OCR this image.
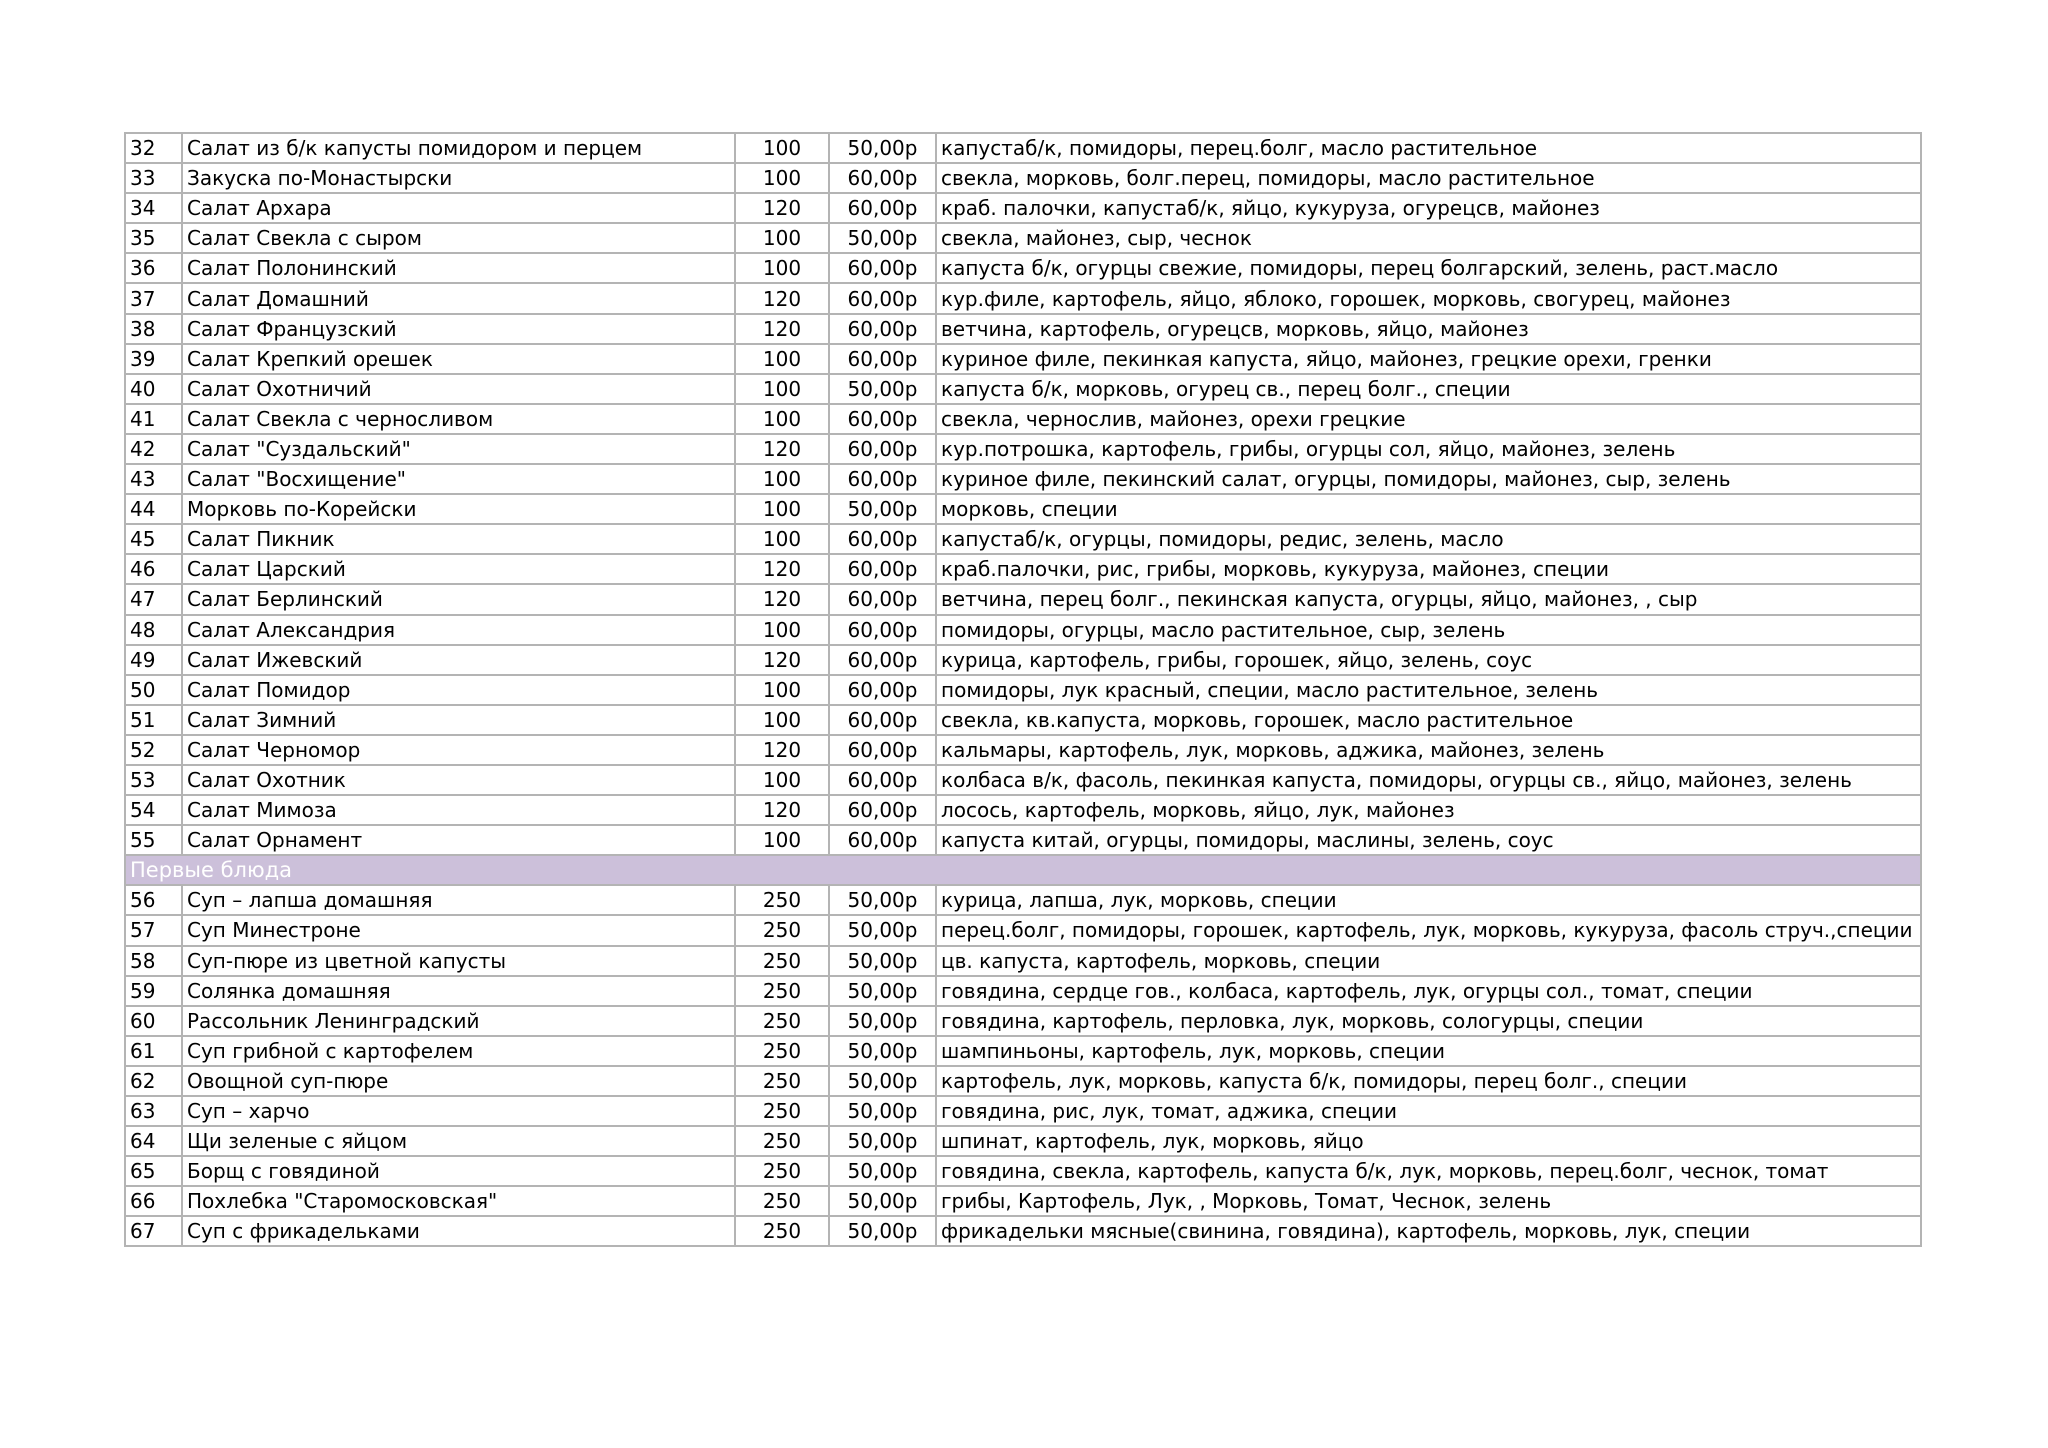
32	Салат из б/к капусты помидором и перцем	100	50,00р	капустаб/к, помидоры, перец.болг, масло растительное
33	Закуска по-Монастырски	100	60,00р	свекла, морковь, болг.перец, помидоры, масло растительное
34	Салат Архара	120	60,00р	краб. палочки, капустаб/к, яйцо, кукуруза, огурецсв, майонез
35	Салат Свекла с сыром	100	50,00р	свекла, майонез, сыр, чеснок
36	Салат Полонинский	100	60,00р	капуста б/к, огурцы свежие, помидоры, перец болгарский, зелень, раст.масло
37	Салат Домашний	120	60,00р	кур.филе, картофель, яйцо, яблоко, горошек, морковь, свогурец, майонез
38	Салат Французский	120	60,00р	ветчина, картофель, огурецсв, морковь, яйцо, майонез
39	Салат Крепкий орешек	100	60,00р	куриное филе, пекинкая капуста, яйцо, майонез, грецкие орехи, гренки
40	Салат Охотничий	100	50,00р	капуста б/к, морковь, огурец св., перец болг., специи
41	Салат Свекла с черносливом	100	60,00р	свекла, чернослив, майонез, орехи грецкие
42	Салат "Суздальский"	120	60,00р	кур.потрошка, картофель, грибы, огурцы сол, яйцо, майонез, зелень
43	Салат "Восхищение"	100	60,00р	куриное филе, пекинский салат, огурцы, помидоры, майонез, сыр, зелень
44	Морковь по-Корейски	100	50,00р	морковь, специи
45	Салат Пикник	100	60,00р	капустаб/к, огурцы, помидоры, редис, зелень, масло
46	Салат Царский	120	60,00р	краб.палочки, рис, грибы, морковь, кукуруза, майонез, специи
47	Салат Берлинский	120	60,00р	ветчина, перец болг., пекинская капуста, огурцы, яйцо, майонез, , сыр
48	Салат Александрия	100	60,00р	помидоры, огурцы, масло растительное, сыр, зелень
49	Салат Ижевский	120	60,00р	курица, картофель, грибы, горошек, яйцо, зелень, соус
50	Салат Помидор	100	60,00р	помидоры, лук красный, специи, масло растительное, зелень
51	Салат Зимний	100	60,00р	свекла, кв.капуста, морковь, горошек, масло растительное
52	Салат Черномор	120	60,00р	кальмары, картофель, лук, морковь, аджика, майонез, зелень
53	Салат Охотник	100	60,00р	колбаса в/к, фасоль, пекинкая капуста, помидоры, огурцы св., яйцо, майонез, зелень
54	Салат Мимоза	120	60,00р	лосось, картофель, морковь, яйцо, лук, майонез
55	Салат Орнамент	100	60,00р	капуста китай, огурцы, помидоры, маслины, зелень, соус
Первые блюда				
56	Суп – лапша домашняя	250	50,00р	курица, лапша, лук, морковь, специи
57	Суп Минестроне	250	50,00р	перец.болг, помидоры, горошек, картофель, лук, морковь, кукуруза, фасоль струч.,специи
58	Суп-пюре из цветной капусты	250	50,00р	цв. капуста, картофель, морковь, специи
59	Солянка домашняя	250	50,00р	говядина, сердце гов., колбаса, картофель, лук, огурцы сол., томат, специи
60	Рассольник Ленинградский	250	50,00р	говядина, картофель, перловка, лук, морковь, сологурцы, специи
61	Суп грибной с картофелем	250	50,00р	шампиньоны, картофель, лук, морковь, специи
62	Овощной суп-пюре	250	50,00р	картофель, лук, морковь, капуста б/к, помидоры, перец болг., специи
63	Суп – харчо	250	50,00р	говядина, рис, лук, томат, аджика, специи
64	Щи зеленые с яйцом	250	50,00р	шпинат, картофель, лук, морковь, яйцо
65	Борщ с говядиной	250	50,00р	говядина, свекла, картофель, капуста б/к, лук, морковь, перец.болг, чеснок, томат
66	Похлебка "Старомосковская"	250	50,00р	грибы, Картофель, Лук, , Морковь, Томат, Чеснок, зелень
67	Суп с фрикадельками	250	50,00р	фрикадельки мясные(свинина, говядина), картофель, морковь, лук, специи
